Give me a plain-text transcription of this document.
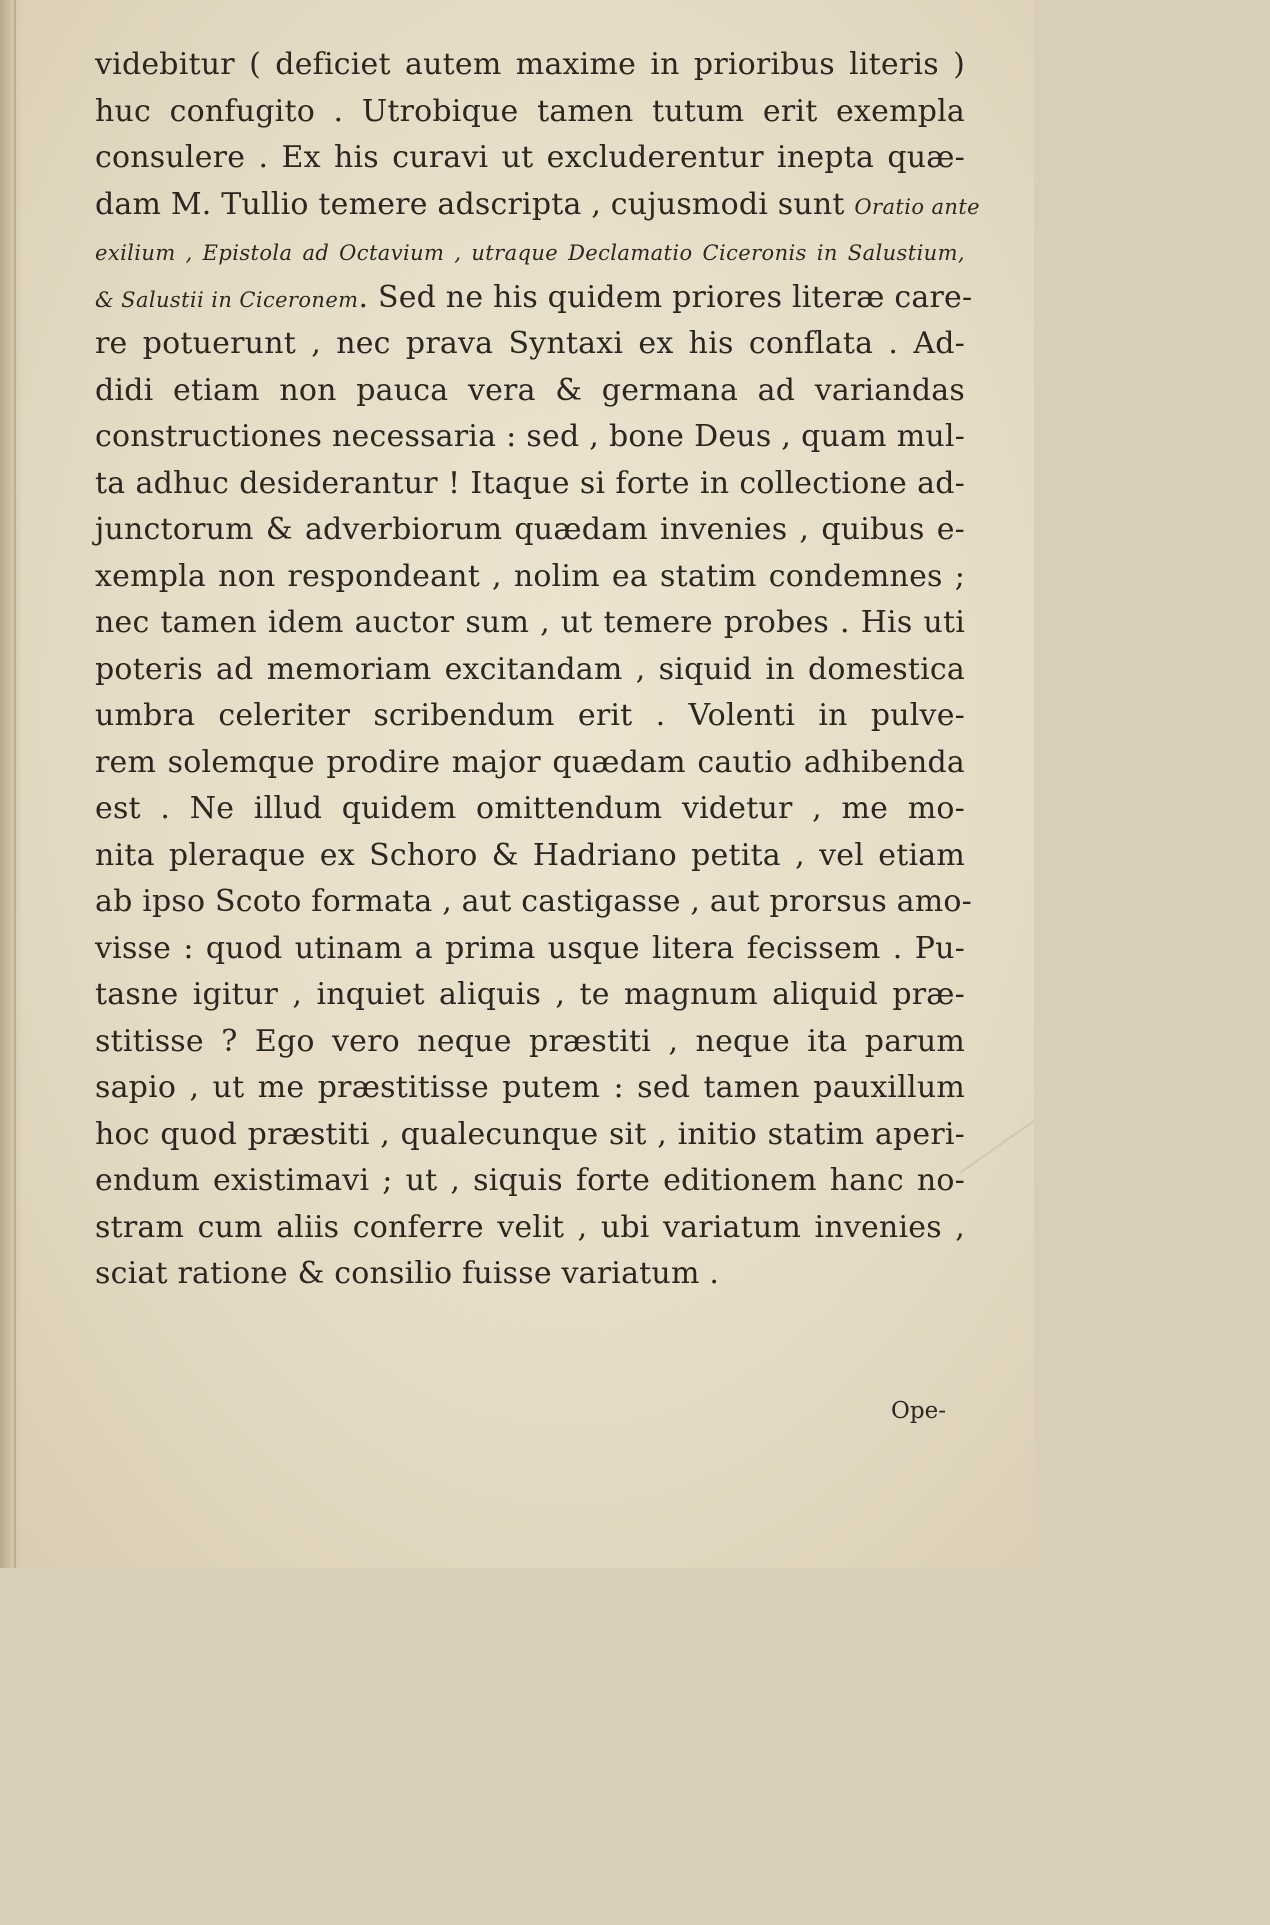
videbitur ( deficiet autem maxime in prioribus literis )
huc confugito . Utrobique tamen tutum erit exempla
consulere . Ex his curavi ut excluderentur inepta quæ-
dam M. Tullio temere adscripta , cujusmodi sunt Oratio ante
exilium , Epistola ad Octavium , utraque Declamatio Ciceronis in Salustium,
& Salustii in Ciceronem. Sed ne his quidem priores literæ care-
re potuerunt , nec prava Syntaxi ex his conflata . Ad-
didi etiam non pauca vera & germana ad variandas
constructiones necessaria : sed , bone Deus , quam mul-
ta adhuc desiderantur ! Itaque si forte in collectione ad-
junctorum & adverbiorum quædam invenies , quibus e-
xempla non respondeant , nolim ea statim condemnes ;
nec tamen idem auctor sum , ut temere probes . His uti
poteris ad memoriam excitandam , siquid in domestica
umbra celeriter scribendum erit . Volenti in pulve-
rem solemque prodire major quædam cautio adhibenda
est . Ne illud quidem omittendum videtur , me mo-
nita pleraque ex Schoro & Hadriano petita , vel etiam
ab ipso Scoto formata , aut castigasse , aut prorsus amo-
visse : quod utinam a prima usque litera fecissem . Pu-
tasne igitur , inquiet aliquis , te magnum aliquid præ-
stitisse ? Ego vero neque præstiti , neque ita parum
sapio , ut me præstitisse putem : sed tamen pauxillum
hoc quod præstiti , qualecunque sit , initio statim aperi-
endum existimavi ; ut , siquis forte editionem hanc no-
stram cum aliis conferre velit , ubi variatum invenies ,
sciat ratione & consilio fuisse variatum .
Ope-
